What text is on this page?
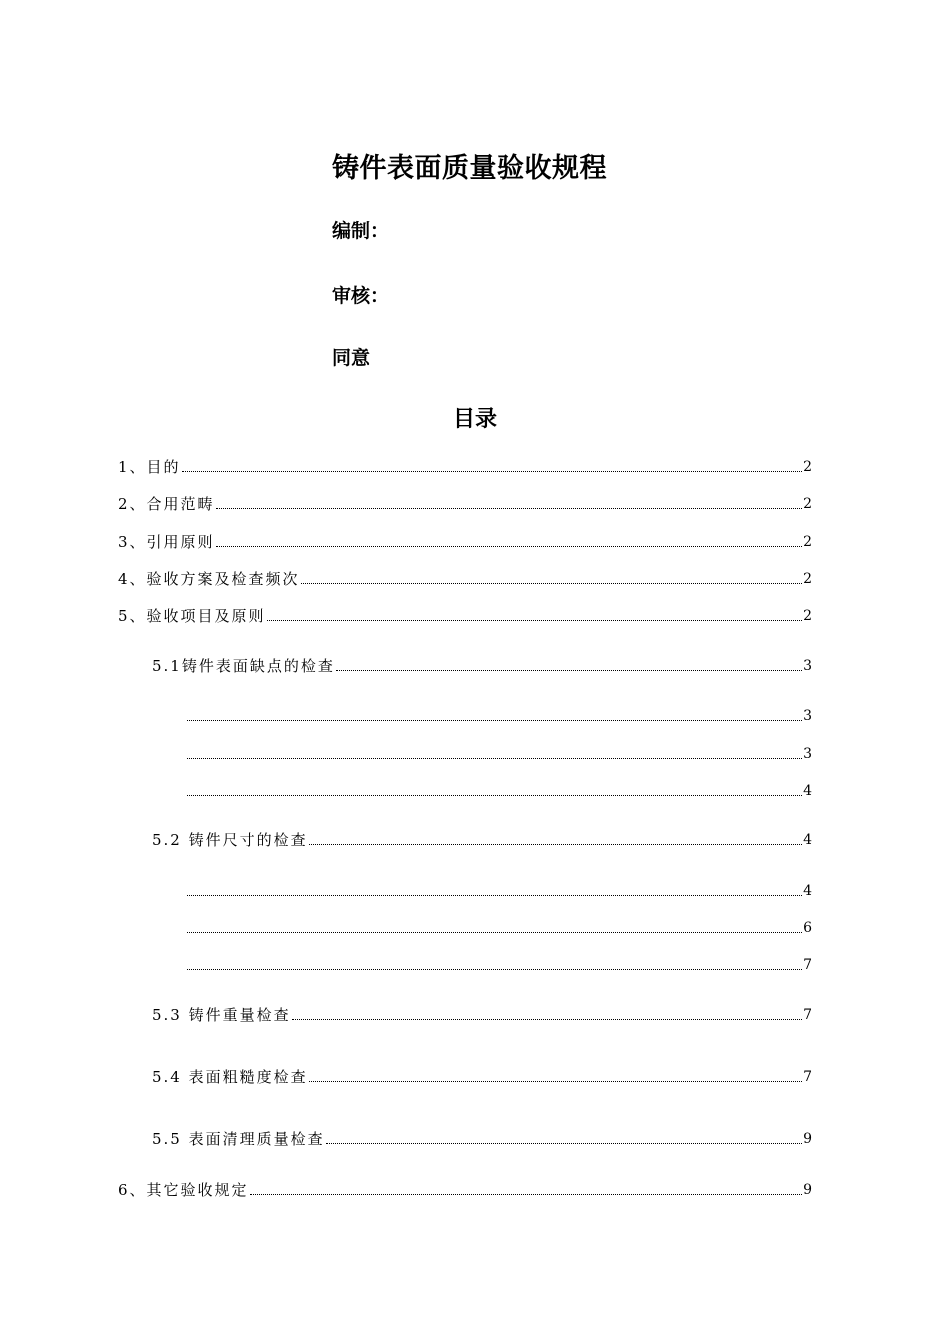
铸件表面质量验收规程
编制：
审核：
同意
目录
1、目的	2
2、合用范畴	2
3、引用原则	2
4、验收方案及检查频次	2
5、验收项目及原则	2
5.1铸件表面缺点的检查	3
3
3
4
5.2 铸件尺寸的检查	4
4
6
7
5.3 铸件重量检查	7
5.4 表面粗糙度检查	7
5.5 表面清理质量检查	9
6、其它验收规定	9
